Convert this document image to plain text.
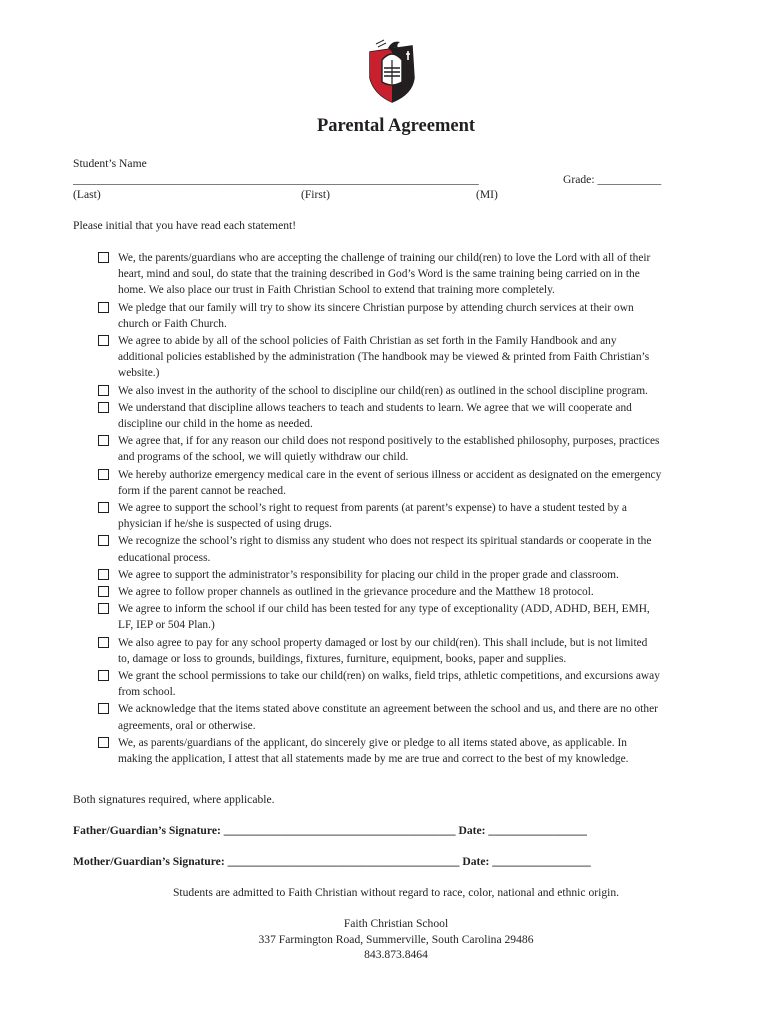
Parental Agreement
Student’s Name
______________________________________________________________________	Grade: ___________
(Last)	(First)	(MI)
Please initial that you have read each statement!
We, the parents/guardians who are accepting the challenge of training our child(ren) to love the Lord with all of their
heart, mind and soul, do state that the training described in God’s Word is the same training being carried on in the
home. We also place our trust in Faith Christian School to extend that training more completely.
We pledge that our family will try to show its sincere Christian purpose by attending church services at their own
church or Faith Church.
We agree to abide by all of the school policies of Faith Christian as set forth in the Family Handbook and any
additional policies established by the administration (The handbook may be viewed & printed from Faith Christian’s
website.)
We also invest in the authority of the school to discipline our child(ren) as outlined in the school discipline program.
We understand that discipline allows teachers to teach and students to learn. We agree that we will cooperate and
discipline our child in the home as needed.
We agree that, if for any reason our child does not respond positively to the established philosophy, purposes, practices
and programs of the school, we will quietly withdraw our child.
We hereby authorize emergency medical care in the event of serious illness or accident as designated on the emergency
form if the parent cannot be reached.
We agree to support the school’s right to request from parents (at parent’s expense) to have a student tested by a
physician if he/she is suspected of using drugs.
We recognize the school’s right to dismiss any student who does not respect its spiritual standards or cooperate in the
educational process.
We agree to support the administrator’s responsibility for placing our child in the proper grade and classroom.
We agree to follow proper channels as outlined in the grievance procedure and the Matthew 18 protocol.
We agree to inform the school if our child has been tested for any type of exceptionality (ADD, ADHD, BEH, EMH,
LF, IEP or 504 Plan.)
We also agree to pay for any school property damaged or lost by our child(ren). This shall include, but is not limited
to, damage or loss to grounds, buildings, fixtures, furniture, equipment, books, paper and supplies.
We grant the school permissions to take our child(ren) on walks, field trips, athletic competitions, and excursions away
from school.
We acknowledge that the items stated above constitute an agreement between the school and us, and there are no other
agreements, oral or otherwise.
We, as parents/guardians of the applicant, do sincerely give or pledge to all items stated above, as applicable. In
making the application, I attest that all statements made by me are true and correct to the best of my knowledge.
Both signatures required, where applicable.
Father/Guardian’s Signature: ________________________________________ Date: _________________
Mother/Guardian’s Signature: ________________________________________ Date: _________________
Students are admitted to Faith Christian without regard to race, color, national and ethnic origin.
Faith Christian School
337 Farmington Road, Summerville, South Carolina 29486
843.873.8464
